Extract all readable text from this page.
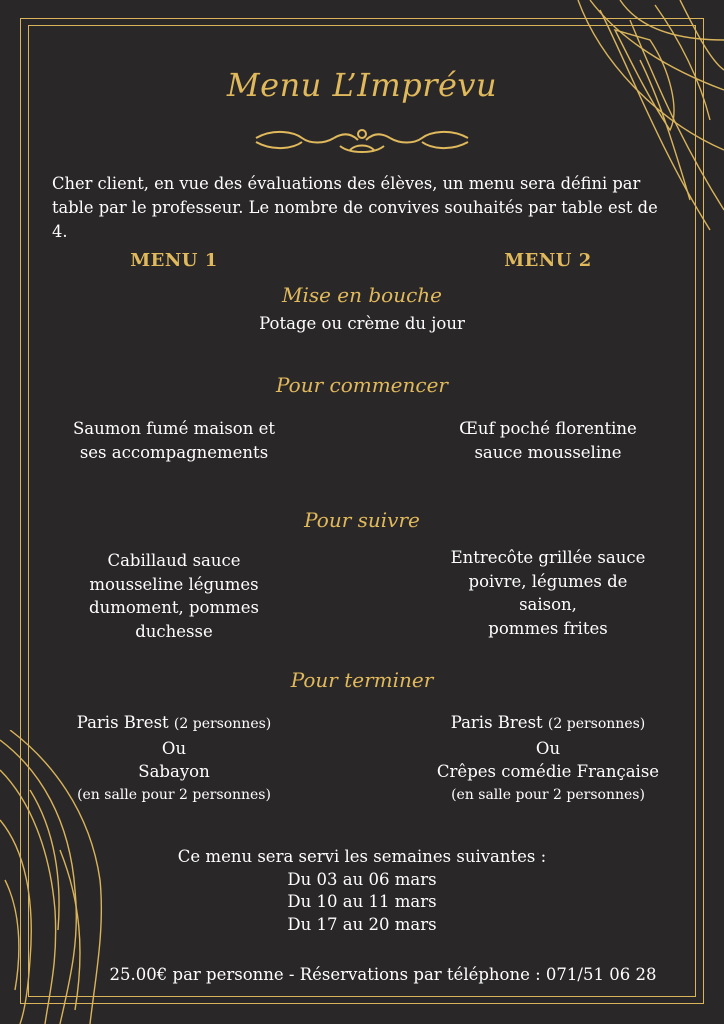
Menu L’Imprévu
Cher client, en vue des évaluations des élèves, un menu sera défini par table par le professeur. Le nombre de convives souhaités par table est de 4.
MENU 1	MENU 2
Mise en bouche
Potage ou crème du jour
Pour commencer
Saumon fumé maison et
ses accompagnements
Œuf poché florentine
sauce mousseline
Pour suivre
Cabillaud sauce
mousseline légumes
dumoment, pommes
duchesse
Entrecôte grillée sauce
poivre, légumes de
saison,
pommes frites
Pour terminer
Paris Brest (2 personnes)
Ou
Sabayon
(en salle pour 2 personnes)
Paris Brest (2 personnes)
Ou
Crêpes comédie Française
(en salle pour 2 personnes)
Ce menu sera servi les semaines suivantes :
Du 03 au 06 mars
Du 10 au 11 mars
Du 17 au 20 mars
25.00€ par personne - Réservations par téléphone : 071/51 06 28
